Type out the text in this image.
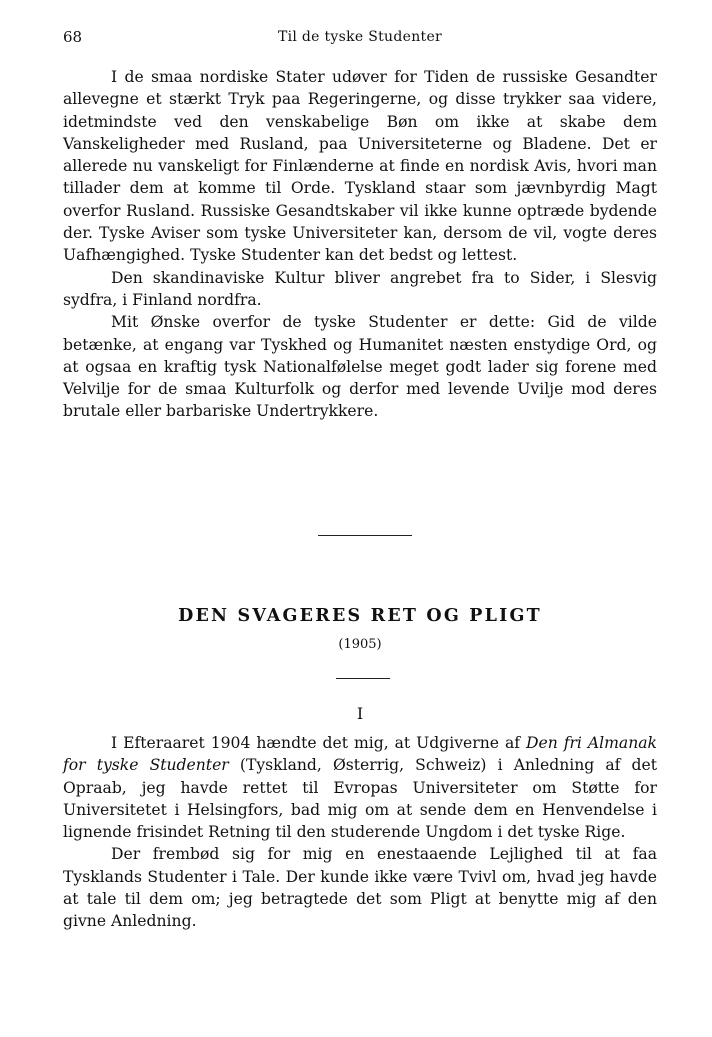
68	Til de tyske Studenter

I de smaa nordiske Stater udøver for Tiden de russiske Gesandter allevegne et stærkt Tryk paa Regeringerne, og disse trykker saa videre, idetmindste ved den venskabelige Bøn om ikke at skabe dem Vanskeligheder med Rusland, paa Universiteterne og Bladene. Det er allerede nu vanskeligt for Finlænderne at finde en nordisk Avis, hvori man tillader dem at komme til Orde. Tyskland staar som jævnbyrdig Magt overfor Rusland. Russiske Gesandtskaber vil ikke kunne optræde bydende der. Tyske Aviser som tyske Universiteter kan, dersom de vil, vogte deres Uafhængighed. Tyske Studenter kan det bedst og lettest.

Den skandinaviske Kultur bliver angrebet fra to Sider, i Slesvig sydfra, i Finland nordfra.

Mit Ønske overfor de tyske Studenter er dette: Gid de vilde betænke, at engang var Tyskhed og Humanitet næsten enstydige Ord, og at ogsaa en kraftig tysk Nationalfølelse meget godt lader sig forene med Velvilje for de smaa Kulturfolk og derfor med levende Uvilje mod deres brutale eller barbariske Undertrykkere.

DEN SVAGERES RET OG PLIGT
(1905)
I

I Efteraaret 1904 hændte det mig, at Udgiverne af Den fri Almanak for tyske Studenter (Tyskland, Østerrig, Schweiz) i Anledning af det Opraab, jeg havde rettet til Evropas Universiteter om Støtte for Universitetet i Helsingfors, bad mig om at sende dem en Henvendelse i lignende frisindet Retning til den studerende Ungdom i det tyske Rige.

Der frembød sig for mig en enestaaende Lejlighed til at faa Tysklands Studenter i Tale. Der kunde ikke være Tvivl om, hvad jeg havde at tale til dem om; jeg betragtede det som Pligt at benytte mig af den givne Anledning.
